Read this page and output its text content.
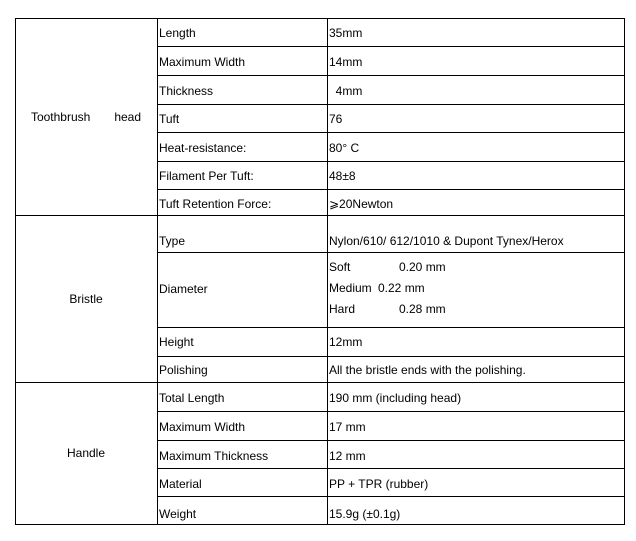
Toothbrush head
Length	35mm
Maximum Width	14mm
Thickness	4mm
Tuft	76
Heat-resistance:	80° C
Filament Per Tuft:	48±8
Tuft Retention Force:	⩾20Newton
Bristle
Type	Nylon/610/ 612/1010 & Dupont Tynex/Herox
Diameter
Soft	0.20 mm
Medium 0.22 mm
Hard	0.28 mm
Height	12mm
Polishing	All the bristle ends with the polishing.
Handle
Total Length	190 mm (including head)
Maximum Width	17 mm
Maximum Thickness	12 mm
Material	PP + TPR (rubber)
Weight	15.9g (±0.1g)
